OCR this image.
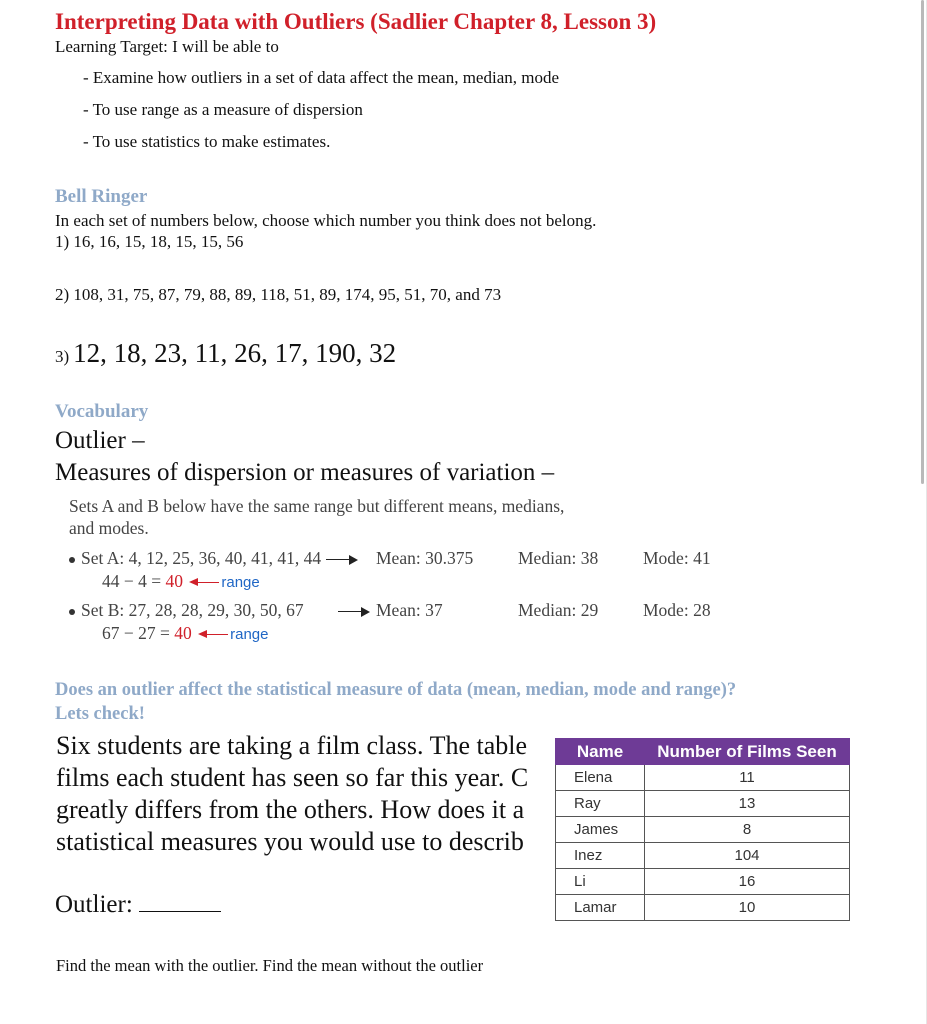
Interpreting Data with Outliers (Sadlier Chapter 8, Lesson 3)
Learning Target: I will be able to
- Examine how outliers in a set of data affect the mean, median, mode
- To use range as a measure of dispersion
- To use statistics to make estimates.
Bell Ringer
In each set of numbers below, choose which number you think does not belong.
1) 16, 16, 15, 18, 15, 15, 56
2) 108, 31, 75, 87, 79, 88, 89, 118, 51, 89, 174, 95, 51, 70, and 73
3) 12, 18, 23, 11, 26, 17, 190, 32
Vocabulary
Outlier –
Measures of dispersion or measures of variation –
Sets A and B below have the same range but different means, medians,
and modes.
Set A: 4, 12, 25, 36, 40, 41, 41, 44	Mean: 30.375	Median: 38	Mode: 41
44 − 4 = 40	range
Set B: 27, 28, 28, 29, 30, 50, 67	Mean: 37	Median: 29	Mode: 28
67 − 27 = 40	range
Does an outlier affect the statistical measure of data (mean, median, mode and range)?
Lets check!
Six students are taking a film class. The table
films each student has seen so far this year. C
greatly differs from the others. How does it a
statistical measures you would use to describ
Name	Number of Films Seen
Elena	11
Ray	13
James	8
Inez	104
Li	16
Lamar	10
Outlier:
Find the mean with the outlier. Find the mean without the outlier
